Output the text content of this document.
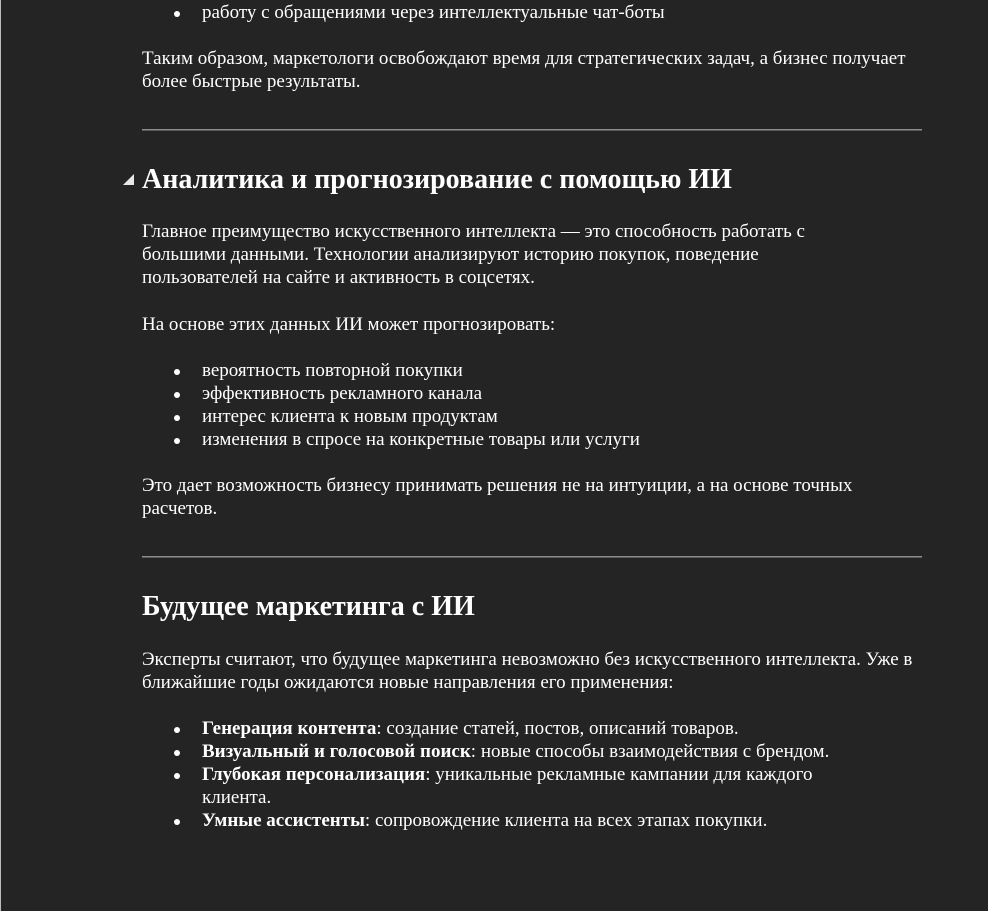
работу с обращениями через интеллектуальные чат-боты

Таким образом, маркетологи освобождают время для стратегических задач, а бизнес получает более быстрые результаты.

Аналитика и прогнозирование с помощью ИИ

Главное преимущество искусственного интеллекта — это способность работать с большими данными. Технологии анализируют историю покупок, поведение пользователей на сайте и активность в соцсетях.

На основе этих данных ИИ может прогнозировать:

вероятность повторной покупки
эффективность рекламного канала
интерес клиента к новым продуктам
изменения в спросе на конкретные товары или услуги

Это дает возможность бизнесу принимать решения не на интуиции, а на основе точных расчетов.

Будущее маркетинга с ИИ

Эксперты считают, что будущее маркетинга невозможно без искусственного интеллекта. Уже в ближайшие годы ожидаются новые направления его применения:

Генерация контента: создание статей, постов, описаний товаров.
Визуальный и голосовой поиск: новые способы взаимодействия с брендом.
Глубокая персонализация: уникальные рекламные кампании для каждого клиента.
Умные ассистенты: сопровождение клиента на всех этапах покупки.
